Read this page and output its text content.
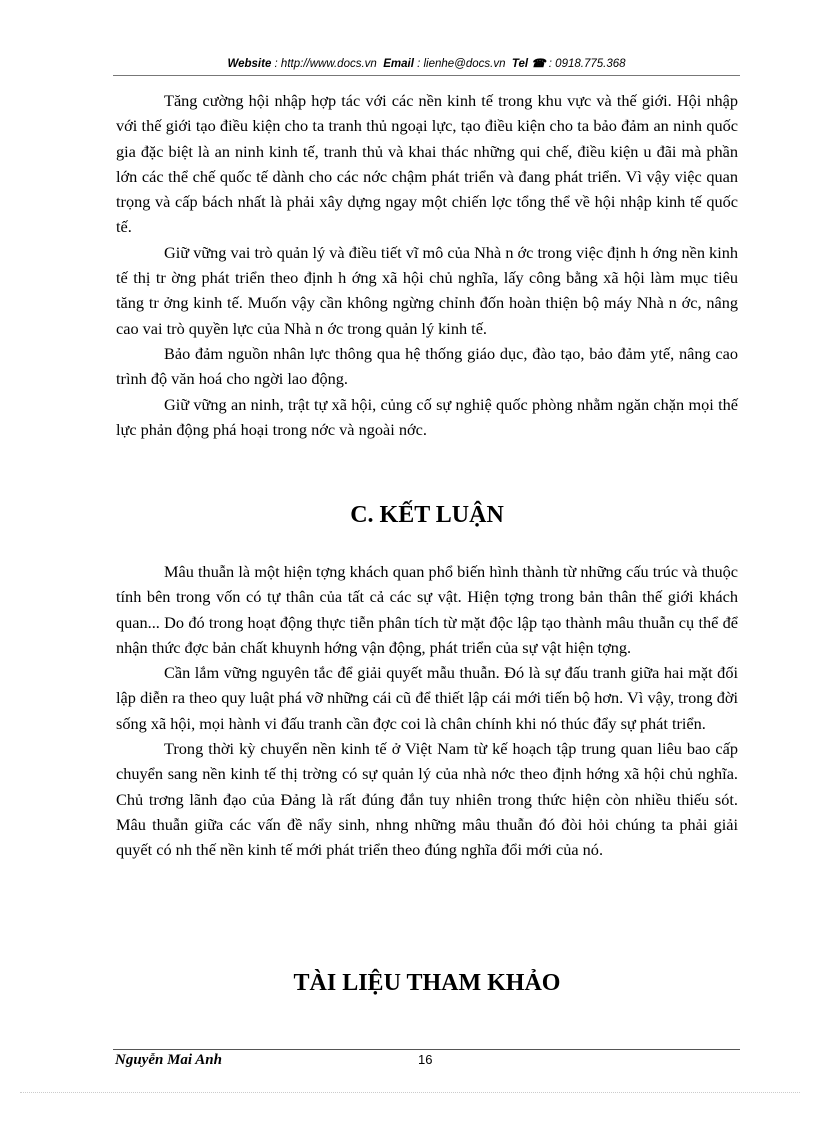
Website : http://www.docs.vn Email : lienhe@docs.vn Tel ☎ : 0918.775.368

Tăng cường hội nhập hợp tác với các nền kinh tế trong khu vực và thế giới. Hội nhập với thế giới tạo điều kiện cho ta tranh thủ ngoại lực, tạo điều kiện cho ta bảo đảm an ninh quốc gia đặc biệt là an ninh kinh tế, tranh thủ và khai thác những qui chế, điều kiện u đãi mà phần lớn các thể chế quốc tế dành cho các nớc chậm phát triển và đang phát triển. Vì vậy việc quan trọng và cấp bách nhất là phải xây dựng ngay một chiến lợc tổng thể về hội nhập kinh tế quốc tế.

Giữ vững vai trò quản lý và điều tiết vĩ mô của Nhà n ớc trong việc định h ớng nền kinh tế thị tr ờng phát triển theo định h ớng xã hội chủ nghĩa, lấy công bằng xã hội làm mục tiêu tăng tr ởng kinh tế. Muốn vậy cần không ngừng chỉnh đốn hoàn thiện bộ máy Nhà n ớc, nâng cao vai trò quyền lực của Nhà n ớc trong quản lý kinh tế.

Bảo đảm nguồn nhân lực thông qua hệ thống giáo dục, đào tạo, bảo đảm ytế, nâng cao trình độ văn hoá cho ngời lao động.

Giữ vững an ninh, trật tự xã hội, củng cố sự nghiệ quốc phòng nhằm ngăn chặn mọi thế lực phản động phá hoại trong nớc và ngoài nớc.

C. KẾT LUẬN

Mâu thuẫn là một hiện tợng khách quan phổ biến hình thành từ những cấu trúc và thuộc tính bên trong vốn có tự thân của tất cả các sự vật. Hiện tợng trong bản thân thế giới khách quan... Do đó trong hoạt động thực tiễn phân tích từ mặt độc lập tạo thành mâu thuẫn cụ thể để nhận thức đợc bản chất khuynh hớng vận động, phát triển của sự vật hiện tợng.

Cần lắm vững nguyên tắc để giải quyết mẫu thuẫn. Đó là sự đấu tranh giữa hai mặt đối lập diễn ra theo quy luật phá vỡ những cái cũ để thiết lập cái mới tiến bộ hơn. Vì vậy, trong đời sống xã hội, mọi hành vi đấu tranh cần đợc coi là chân chính khi nó thúc đẩy sự phát triển.

Trong thời kỳ chuyển nền kinh tế ở Việt Nam từ kế hoạch tập trung quan liêu bao cấp chuyển sang nền kinh tế thị trờng có sự quản lý của nhà nớc theo định hớng xã hội chủ nghĩa. Chủ trơng lãnh đạo của Đảng là rất đúng đắn tuy nhiên trong thức hiện còn nhiều thiếu sót. Mâu thuẫn giữa các vấn đề nẩy sinh, nhng những mâu thuẫn đó đòi hỏi chúng ta phải giải quyết có nh thế nền kinh tế mới phát triển theo đúng nghĩa đổi mới của nó.

TÀI LIỆU THAM KHẢO
Nguyễn Mai Anh	16
